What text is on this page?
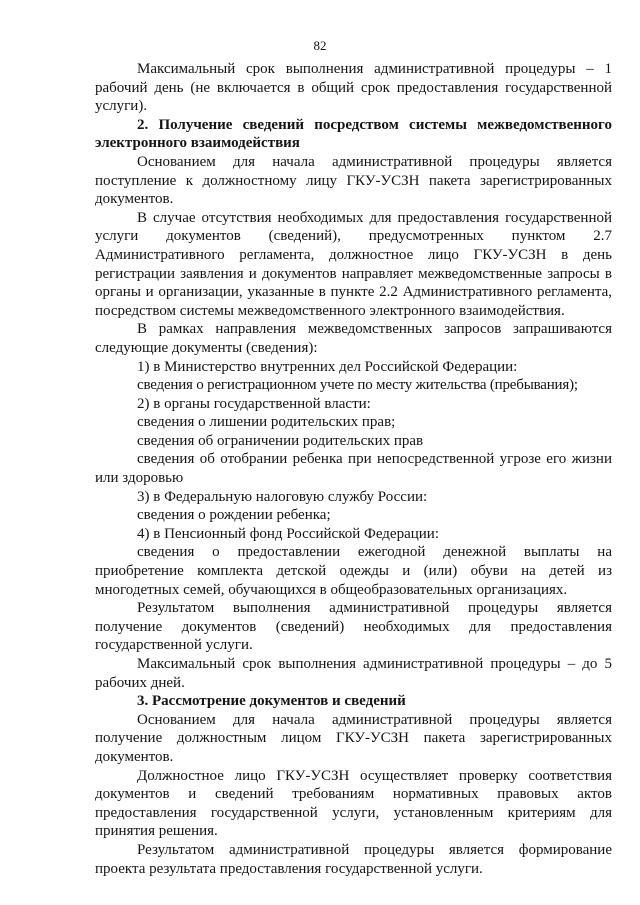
82

Максимальный срок выполнения административной процедуры – 1 рабочий день (не включается в общий срок предоставления государственной услуги).

2. Получение сведений посредством системы межведомственного электронного взаимодействия

Основанием для начала административной процедуры является поступление к должностному лицу ГКУ-УСЗН пакета зарегистрированных документов.

В случае отсутствия необходимых для предоставления государственной услуги документов (сведений), предусмотренных пунктом 2.7 Административного регламента, должностное лицо ГКУ-УСЗН в день регистрации заявления и документов направляет межведомственные запросы в органы и организации, указанные в пункте 2.2 Административного регламента, посредством системы межведомственного электронного взаимодействия.

В рамках направления межведомственных запросов запрашиваются следующие документы (сведения):

1) в Министерство внутренних дел Российской Федерации:

сведения о регистрационном учете по месту жительства (пребывания);

2) в органы государственной власти:

сведения о лишении родительских прав;

сведения об ограничении родительских прав

сведения об отобрании ребенка при непосредственной угрозе его жизни или здоровью

3) в Федеральную налоговую службу России:

сведения о рождении ребенка;

4) в Пенсионный фонд Российской Федерации:

сведения о предоставлении ежегодной денежной выплаты на приобретение комплекта детской одежды и (или) обуви на детей из многодетных семей, обучающихся в общеобразовательных организациях.

Результатом выполнения административной процедуры является получение документов (сведений) необходимых для предоставления государственной услуги.

Максимальный срок выполнения административной процедуры – до 5 рабочих дней.

3. Рассмотрение документов и сведений

Основанием для начала административной процедуры является получение должностным лицом ГКУ-УСЗН пакета зарегистрированных документов.

Должностное лицо ГКУ-УСЗН осуществляет проверку соответствия документов и сведений требованиям нормативных правовых актов предоставления государственной услуги, установленным критериям для принятия решения.

Результатом административной процедуры является формирование проекта результата предоставления государственной услуги.
